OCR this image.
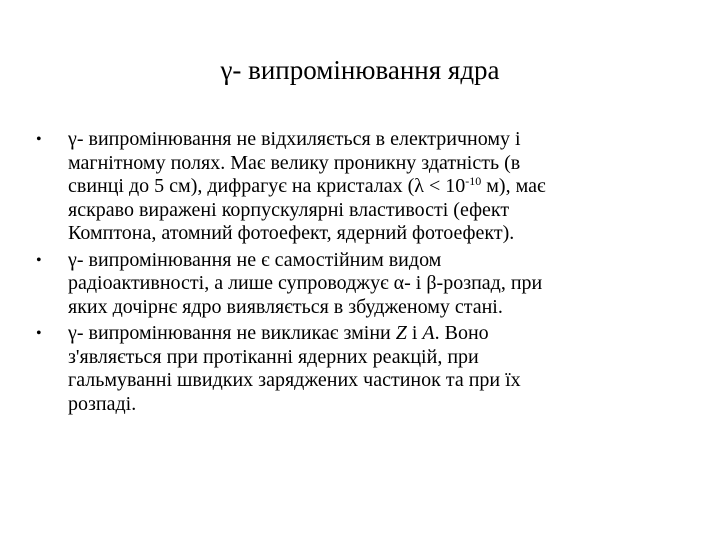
γ- випромінювання ядра
•	γ- випромінювання не відхиляється в електричному і
магнітному полях. Має велику проникну здатність (в
свинці до 5 см), дифрагує на кристалах ($\lambda < 10^{-10}$ м), має
яскраво виражені корпускулярні властивості (ефект
Комптона, атомний фотоефект, ядерний фотоефект).
•	γ- випромінювання не є самостійним видом
радіоактивності, а лише супроводжує α- і β-розпад, при
яких дочірнє ядро виявляється в збудженому стані.
•	γ- випромінювання не викликає зміни Z і A. Воно
з'являється при протіканні ядерних реакцій, при
гальмуванні швидких заряджених частинок та при їх
розпаді.
